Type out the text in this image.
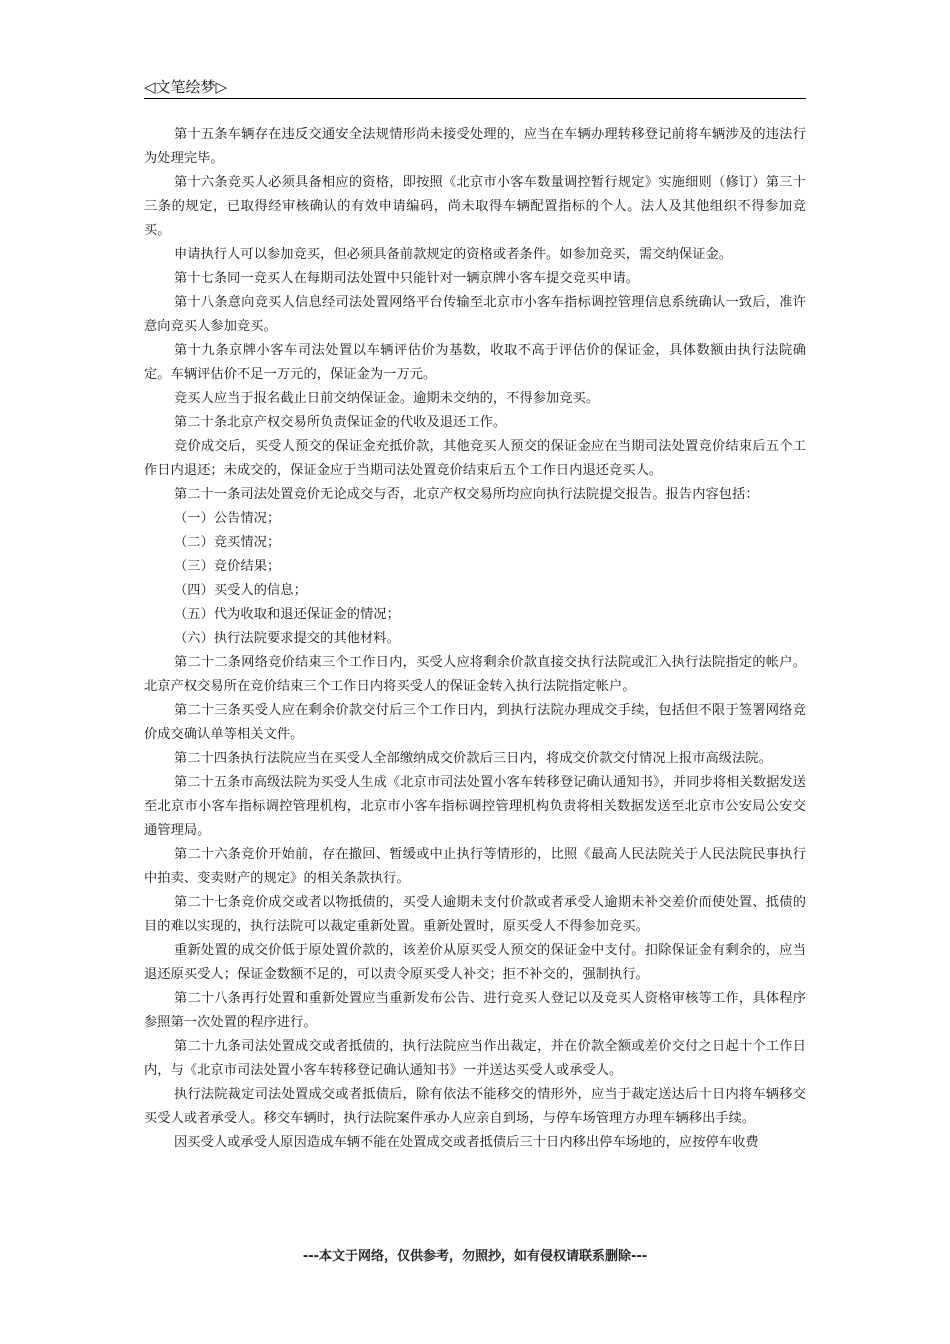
◁文笔绘梦▷

第十五条车辆存在违反交通安全法规情形尚未接受处理的，应当在车辆办理转移登记前将车辆涉及的违法行为处理完毕。

第十六条竞买人必须具备相应的资格，即按照《北京市小客车数量调控暂行规定》实施细则（修订）第三十三条的规定，已取得经审核确认的有效申请编码，尚未取得车辆配置指标的个人。法人及其他组织不得参加竞买。

申请执行人可以参加竞买，但必须具备前款规定的资格或者条件。如参加竞买，需交纳保证金。

第十七条同一竞买人在每期司法处置中只能针对一辆京牌小客车提交竞买申请。

第十八条意向竞买人信息经司法处置网络平台传输至北京市小客车指标调控管理信息系统确认一致后，准许意向竞买人参加竞买。

第十九条京牌小客车司法处置以车辆评估价为基数，收取不高于评估价的保证金，具体数额由执行法院确定。车辆评估价不足一万元的，保证金为一万元。

竞买人应当于报名截止日前交纳保证金。逾期未交纳的，不得参加竞买。

第二十条北京产权交易所负责保证金的代收及退还工作。

竞价成交后，买受人预交的保证金充抵价款，其他竞买人预交的保证金应在当期司法处置竞价结束后五个工作日内退还；未成交的，保证金应于当期司法处置竞价结束后五个工作日内退还竞买人。

第二十一条司法处置竞价无论成交与否，北京产权交易所均应向执行法院提交报告。报告内容包括：

（一）公告情况；

（二）竞买情况；

（三）竞价结果；

（四）买受人的信息；

（五）代为收取和退还保证金的情况；

（六）执行法院要求提交的其他材料。

第二十二条网络竞价结束三个工作日内，买受人应将剩余价款直接交执行法院或汇入执行法院指定的帐户。北京产权交易所在竞价结束三个工作日内将买受人的保证金转入执行法院指定帐户。

第二十三条买受人应在剩余价款交付后三个工作日内，到执行法院办理成交手续，包括但不限于签署网络竞价成交确认单等相关文件。

第二十四条执行法院应当在买受人全部缴纳成交价款后三日内，将成交价款交付情况上报市高级法院。

第二十五条市高级法院为买受人生成《北京市司法处置小客车转移登记确认通知书》，并同步将相关数据发送至北京市小客车指标调控管理机构，北京市小客车指标调控管理机构负责将相关数据发送至北京市公安局公安交通管理局。

第二十六条竞价开始前，存在撤回、暂缓或中止执行等情形的，比照《最高人民法院关于人民法院民事执行中拍卖、变卖财产的规定》的相关条款执行。

第二十七条竞价成交或者以物抵债的，买受人逾期未支付价款或者承受人逾期未补交差价而使处置、抵债的目的难以实现的，执行法院可以裁定重新处置。重新处置时，原买受人不得参加竞买。

重新处置的成交价低于原处置价款的，该差价从原买受人预交的保证金中支付。扣除保证金有剩余的，应当退还原买受人；保证金数额不足的，可以责令原买受人补交；拒不补交的，强制执行。

第二十八条再行处置和重新处置应当重新发布公告、进行竞买人登记以及竞买人资格审核等工作，具体程序参照第一次处置的程序进行。

第二十九条司法处置成交或者抵债的，执行法院应当作出裁定，并在价款全额或差价交付之日起十个工作日内，与《北京市司法处置小客车转移登记确认通知书》一并送达买受人或承受人。

执行法院裁定司法处置成交或者抵债后，除有依法不能移交的情形外，应当于裁定送达后十日内将车辆移交买受人或者承受人。移交车辆时，执行法院案件承办人应亲自到场，与停车场管理方办理车辆移出手续。

因买受人或承受人原因造成车辆不能在处置成交或者抵债后三十日内移出停车场地的，应按停车收费

---本文于网络，仅供参考，勿照抄，如有侵权请联系删除---
